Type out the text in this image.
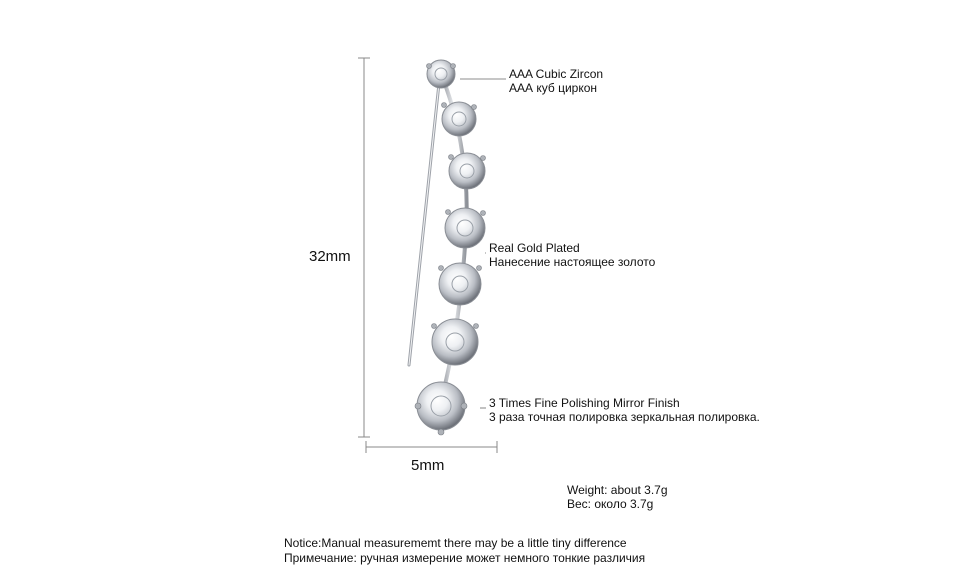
32mm
5mm
AAA Cubic Zircon
ААА куб циркон
Real Gold Plated
Нанесение настоящее золото
3 Times Fine Polishing Mirror Finish
3 раза точная полировка зеркальная полировка.
Weight: about 3.7g
Вес: около 3.7g
Notice:Manual measurememt there may be a little tiny difference
Примечание: ручная измерение может немного тонкие различия
